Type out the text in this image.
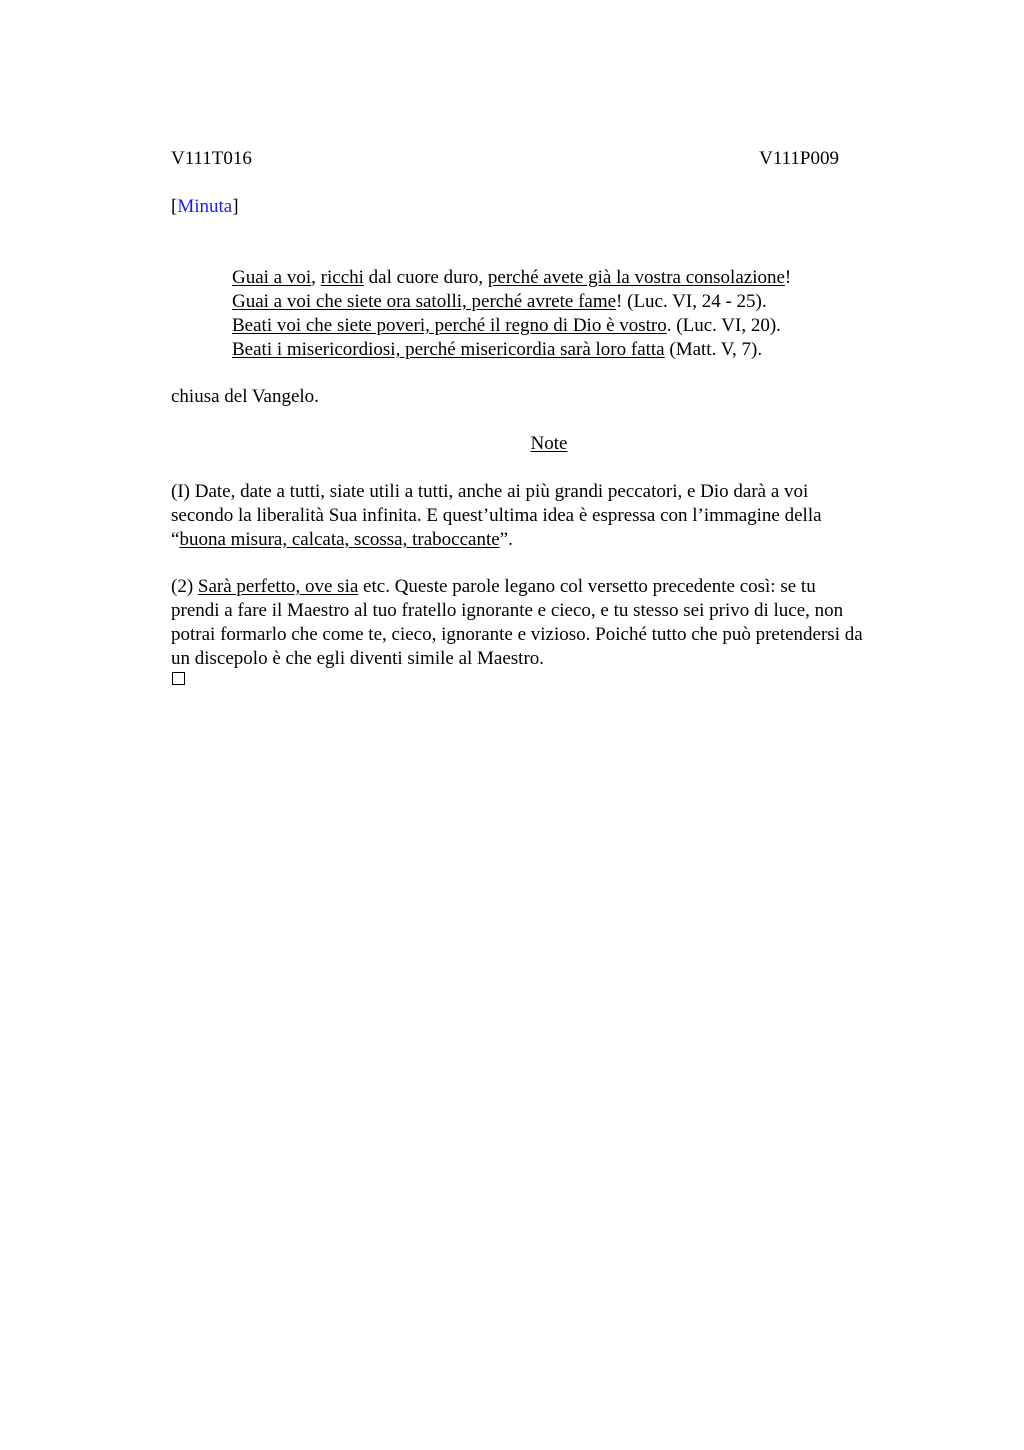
V111T016	V111P009
[Minuta]
Guai a voi, ricchi dal cuore duro, perché avete già la vostra consolazione!
Guai a voi che siete ora satolli, perché avrete fame! (Luc. VI, 24 - 25).
Beati voi che siete poveri, perché il regno di Dio è vostro. (Luc. VI, 20).
Beati i misericordiosi, perché misericordia sarà loro fatta (Matt. V, 7).
chiusa del Vangelo.
Note
(I) Date, date a tutti, siate utili a tutti, anche ai più grandi peccatori, e Dio darà a voi
secondo la liberalità Sua infinita. E quest’ultima idea è espressa con l’immagine della
“buona misura, calcata, scossa, traboccante”.
(2) Sarà perfetto, ove sia etc. Queste parole legano col versetto precedente così: se tu
prendi a fare il Maestro al tuo fratello ignorante e cieco, e tu stesso sei privo di luce, non
potrai formarlo che come te, cieco, ignorante e vizioso. Poiché tutto che può pretendersi da
un discepolo è che egli diventi simile al Maestro.
